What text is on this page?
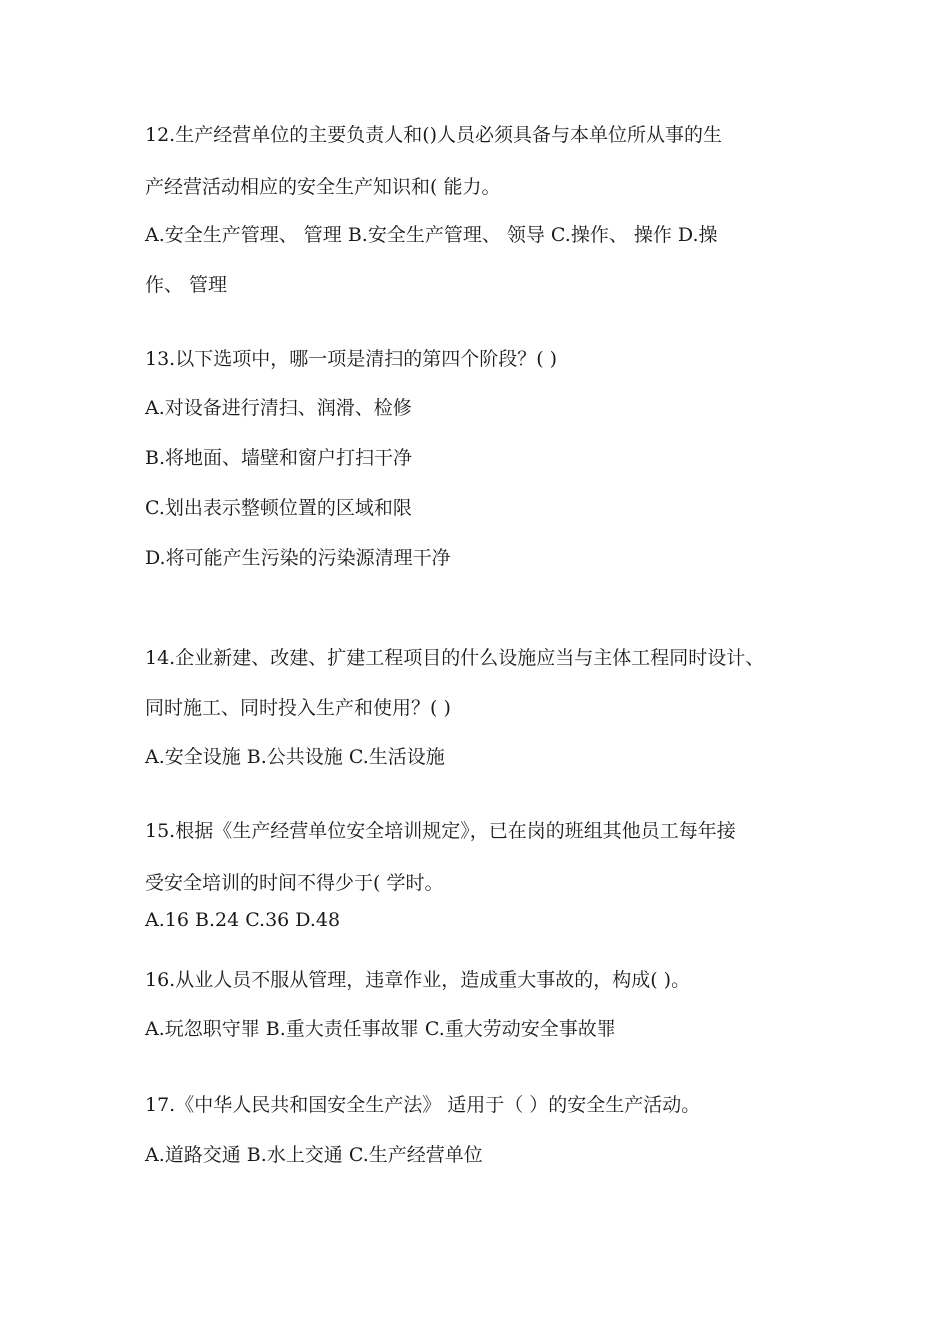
12.生产经营单位的主要负责人和()人员必须具备与本单位所从事的生
产经营活动相应的安全生产知识和( 能力。
A.安全生产管理、 管理 B.安全生产管理、 领导 C.操作、 操作 D.操
作、 管理
13.以下选项中，哪一项是清扫的第四个阶段？( )
A.对设备进行清扫、润滑、检修
B.将地面、墙壁和窗户打扫干净
C.划出表示整顿位置的区域和限
D.将可能产生污染的污染源清理干净
14.企业新建、改建、扩建工程项目的什么设施应当与主体工程同时设计、
同时施工、同时投入生产和使用？( )
A.安全设施 B.公共设施 C.生活设施
15.根据《生产经营单位安全培训规定》，已在岗的班组其他员工每年接
受安全培训的时间不得少于( 学时。
A.16 B.24 C.36 D.48
16.从业人员不服从管理，违章作业，造成重大事故的，构成( )。
A.玩忽职守罪 B.重大责任事故罪 C.重大劳动安全事故罪
17.《中华人民共和国安全生产法》 适用于（ ）的安全生产活动。
A.道路交通 B.水上交通 C.生产经营单位
